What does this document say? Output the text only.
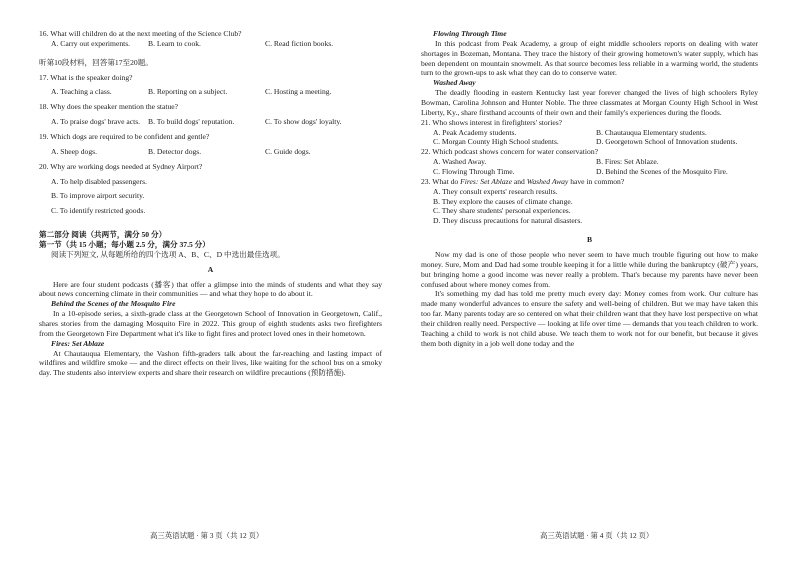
16. What will children do at the next meeting of the Science Club?
A. Carry out experiments.	B. Learn to cook.	C. Read fiction books.
听第10段材料，回答第17至20题。
17. What is the speaker doing?
A. Teaching a class.	B. Reporting on a subject.	C. Hosting a meeting.
18. Why does the speaker mention the statue?
A. To praise dogs' brave acts.	B. To build dogs' reputation.	C. To show dogs' loyalty.
19. Which dogs are required to be confident and gentle?
A. Sheep dogs.	B. Detector dogs.	C. Guide dogs.
20. Why are working dogs needed at Sydney Airport?
A. To help disabled passengers.
B. To improve airport security.
C. To identify restricted goods.
第二部分 阅读（共两节，满分 50 分）
第一节（共 15 小题；每小题 2.5 分，满分 37.5 分）
阅读下列短文, 从每题所给的四个选项 A、B、C、D 中选出最佳选项。
A

Here are four student podcasts (播客) that offer a glimpse into the minds of students and what they say about news concerning climate in their communities — and what they hope to do about it.

Behind the Scenes of the Mosquito Fire

In a 10-episode series, a sixth-grade class at the Georgetown School of Innovation in Georgetown, Calif., shares stories from the damaging Mosquito Fire in 2022. This group of eighth students asks two firefighters from the Georgetown Fire Department what it's like to fight fires and protect loved ones in their hometown.

Fires: Set Ablaze

At Chautauqua Elementary, the Vashon fifth-graders talk about the far-reaching and lasting impact of wildfires and wildfire smoke — and the direct effects on their lives, like waiting for the school bus on a smoky day. The students also interview experts and share their research on wildfire precautions (预防措施).

Flowing Through Time

In this podcast from Peak Academy, a group of eight middle schoolers reports on dealing with water shortages in Bozeman, Montana. They trace the history of their growing hometown's water supply, which has been dependent on mountain snowmelt. As that source becomes less reliable in a warming world, the students turn to the grown-ups to ask what they can do to conserve water.

Washed Away

The deadly flooding in eastern Kentucky last year forever changed the lives of high schoolers Ryley Bowman, Carolina Johnson and Hunter Noble. The three classmates at Morgan County High School in West Liberty, Ky., share firsthand accounts of their own and their family's experiences during the floods.

21. Who shows interest in firefighters' stories?
A. Peak Academy students.	B. Chautauqua Elementary students.
C. Morgan County High School students.	D. Georgetown School of Innovation students.
22. Which podcast shows concern for water conservation?
A. Washed Away.	B. Fires: Set Ablaze.
C. Flowing Through Time.	D. Behind the Scenes of the Mosquito Fire.
23. What do Fires: Set Ablaze and Washed Away have in common?
A. They consult experts' research results.
B. They explore the causes of climate change.
C. They share students' personal experiences.
D. They discuss precautions for natural disasters.
B

Now my dad is one of those people who never seem to have much trouble figuring out how to make money. Sure, Mom and Dad had some trouble keeping it for a little while during the bankruptcy (破产) years, but bringing home a good income was never really a problem. That's because my parents have never been confused about where money comes from.

It's something my dad has told me pretty much every day: Money comes from work. Our culture has made many wonderful advances to ensure the safety and well-being of children. But we may have taken this too far. Many parents today are so centered on what their children want that they have lost perspective on what their children really need. Perspective — looking at life over time — demands that you teach children to work. Teaching a child to work is not child abuse. We teach them to work not for our benefit, but because it gives them both dignity in a job well done today and the

高三英语试题 · 第 3 页（共 12 页）	高三英语试题 · 第 4 页（共 12 页）
